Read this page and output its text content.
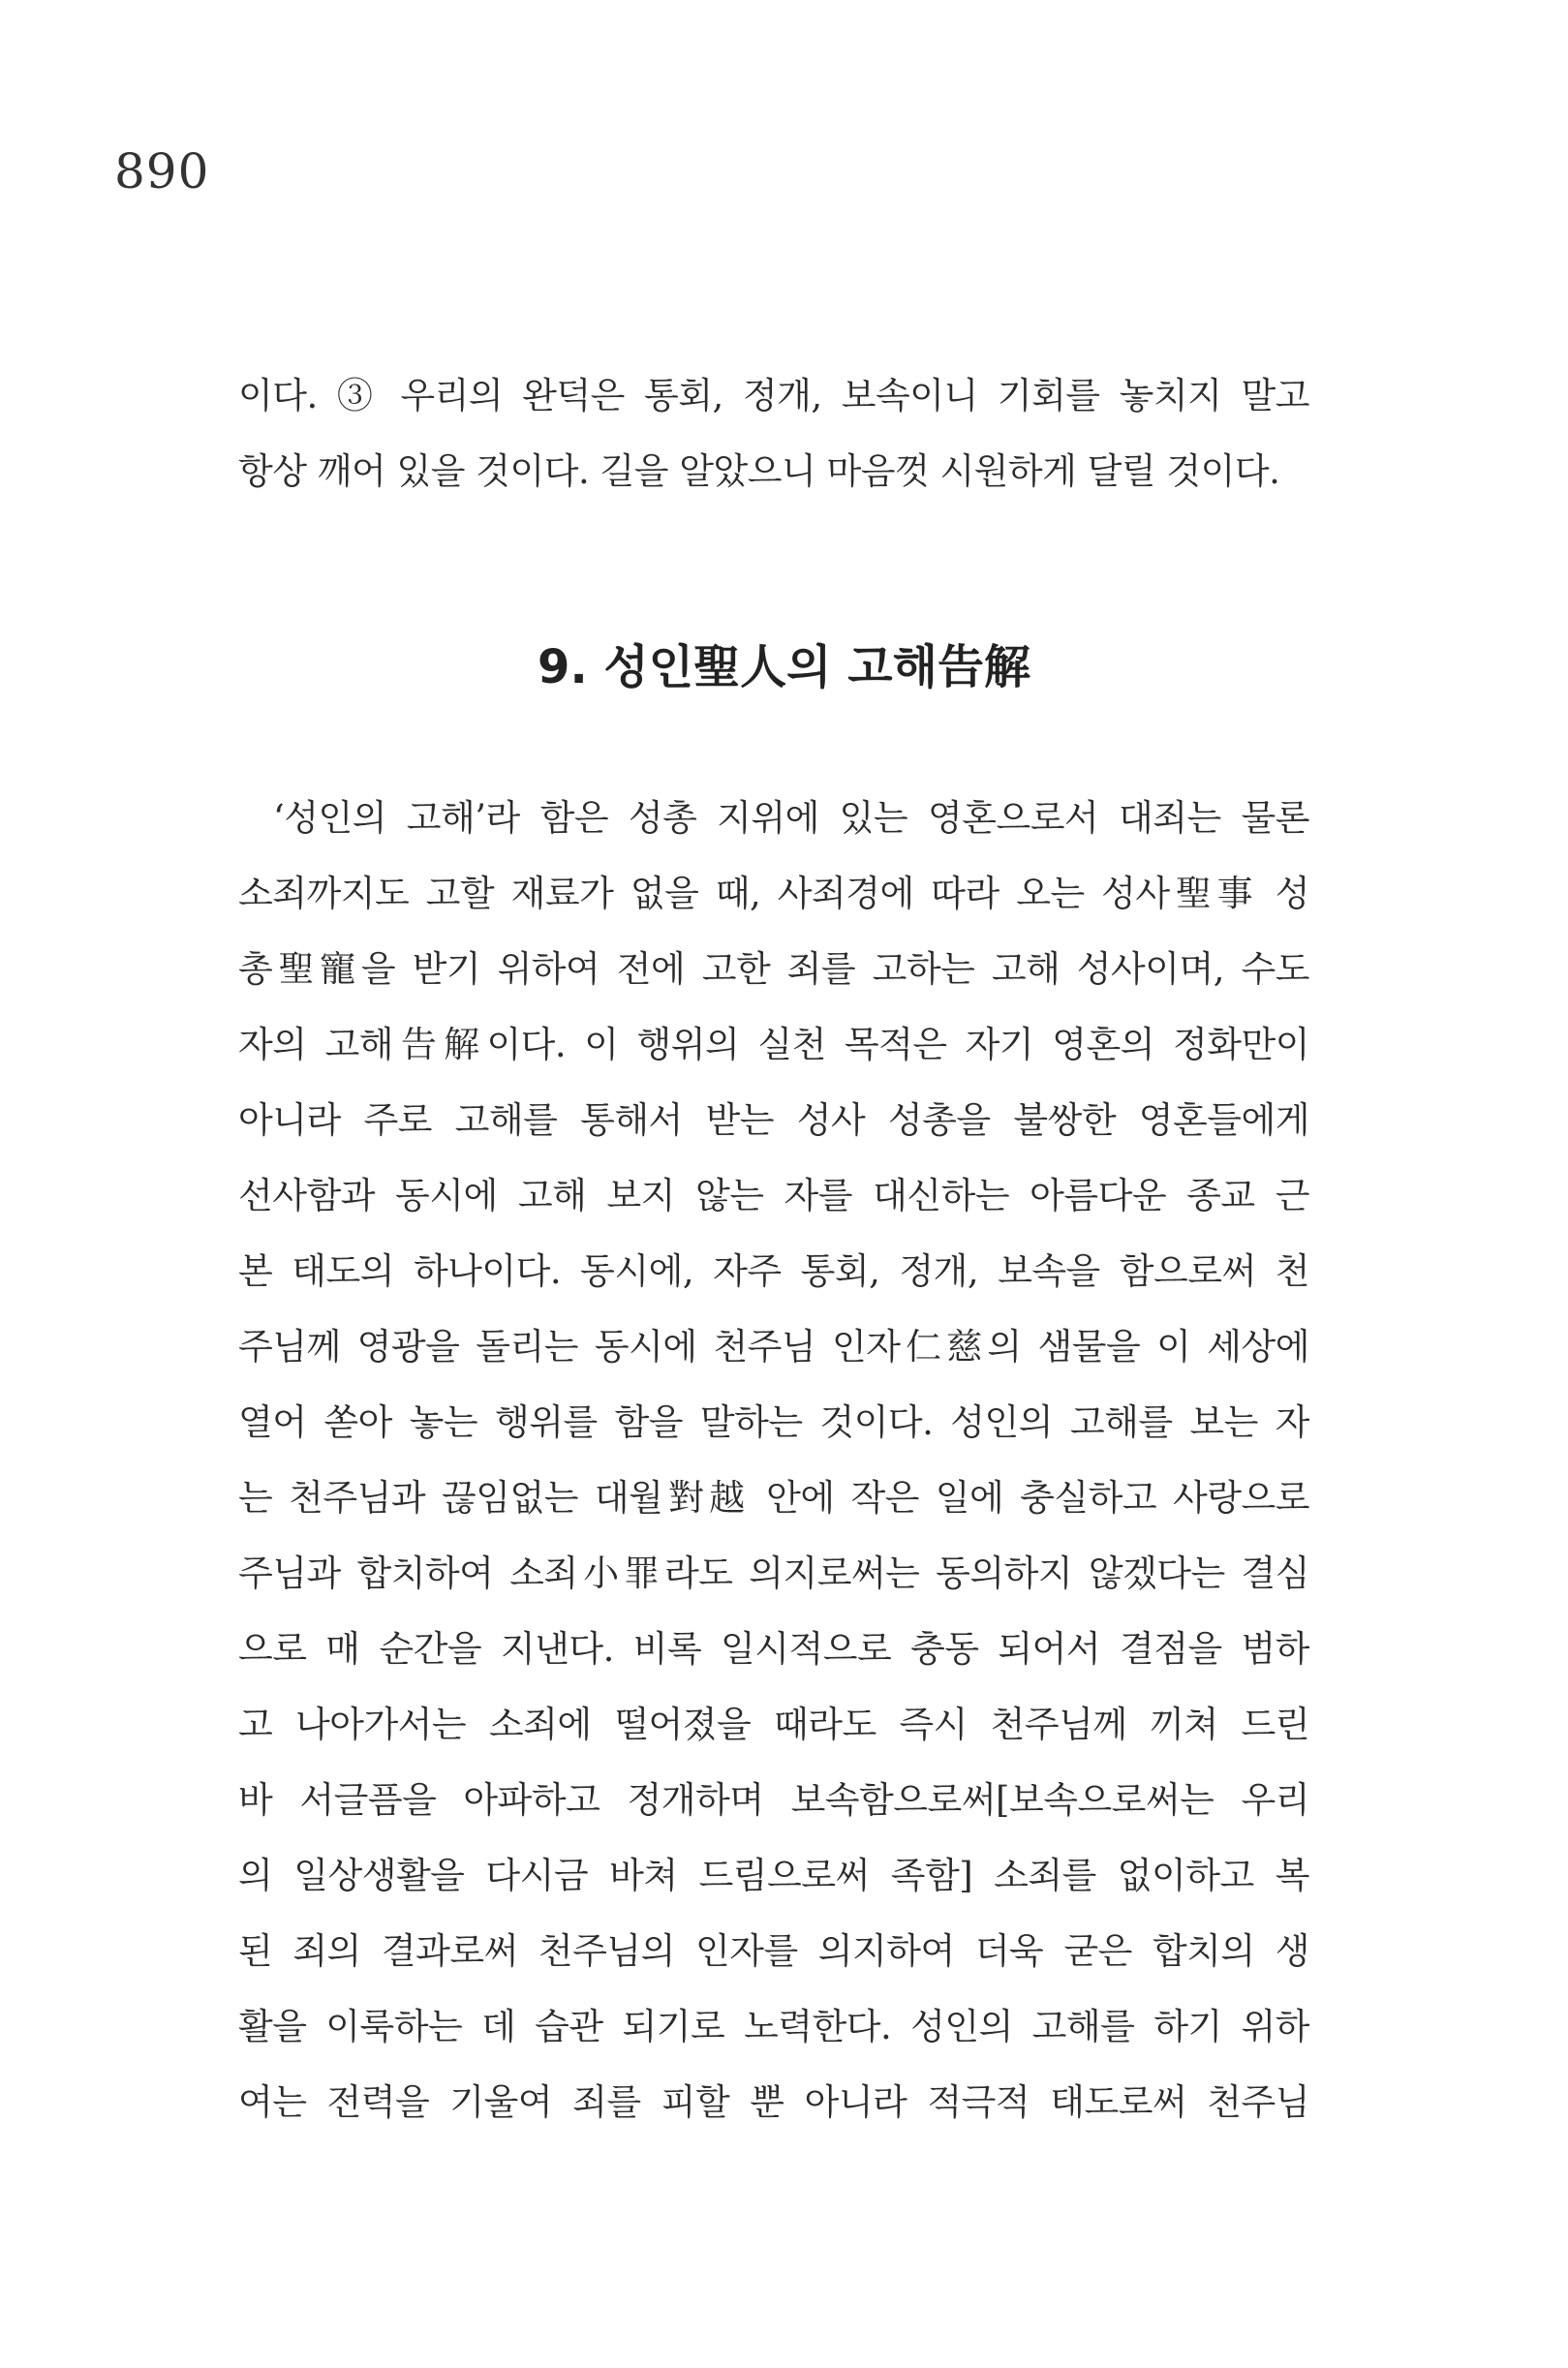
890
이다. ③ 우리의 완덕은 통회, 정개, 보속이니 기회를 놓치지 말고
항상 깨어 있을 것이다. 길을 알았으니 마음껏 시원하게 달릴 것이다.
9. 성인聖人의 고해告解
‘성인의 고해’라 함은 성총 지위에 있는 영혼으로서 대죄는 물론
소죄까지도 고할 재료가 없을 때, 사죄경에 따라 오는 성사聖事 성
총聖寵을 받기 위하여 전에 고한 죄를 고하는 고해 성사이며, 수도
자의 고해告解이다. 이 행위의 실천 목적은 자기 영혼의 정화만이
아니라 주로 고해를 통해서 받는 성사 성총을 불쌍한 영혼들에게
선사함과 동시에 고해 보지 않는 자를 대신하는 아름다운 종교 근
본 태도의 하나이다. 동시에, 자주 통회, 정개, 보속을 함으로써 천
주님께 영광을 돌리는 동시에 천주님 인자仁慈의 샘물을 이 세상에
열어 쏟아 놓는 행위를 함을 말하는 것이다. 성인의 고해를 보는 자
는 천주님과 끊임없는 대월對越 안에 작은 일에 충실하고 사랑으로
주님과 합치하여 소죄小罪라도 의지로써는 동의하지 않겠다는 결심
으로 매 순간을 지낸다. 비록 일시적으로 충동 되어서 결점을 범하
고 나아가서는 소죄에 떨어졌을 때라도 즉시 천주님께 끼쳐 드린
바 서글픔을 아파하고 정개하며 보속함으로써[보속으로써는 우리
의 일상생활을 다시금 바쳐 드림으로써 족함] 소죄를 없이하고 복
된 죄의 결과로써 천주님의 인자를 의지하여 더욱 굳은 합치의 생
활을 이룩하는 데 습관 되기로 노력한다. 성인의 고해를 하기 위하
여는 전력을 기울여 죄를 피할 뿐 아니라 적극적 태도로써 천주님
